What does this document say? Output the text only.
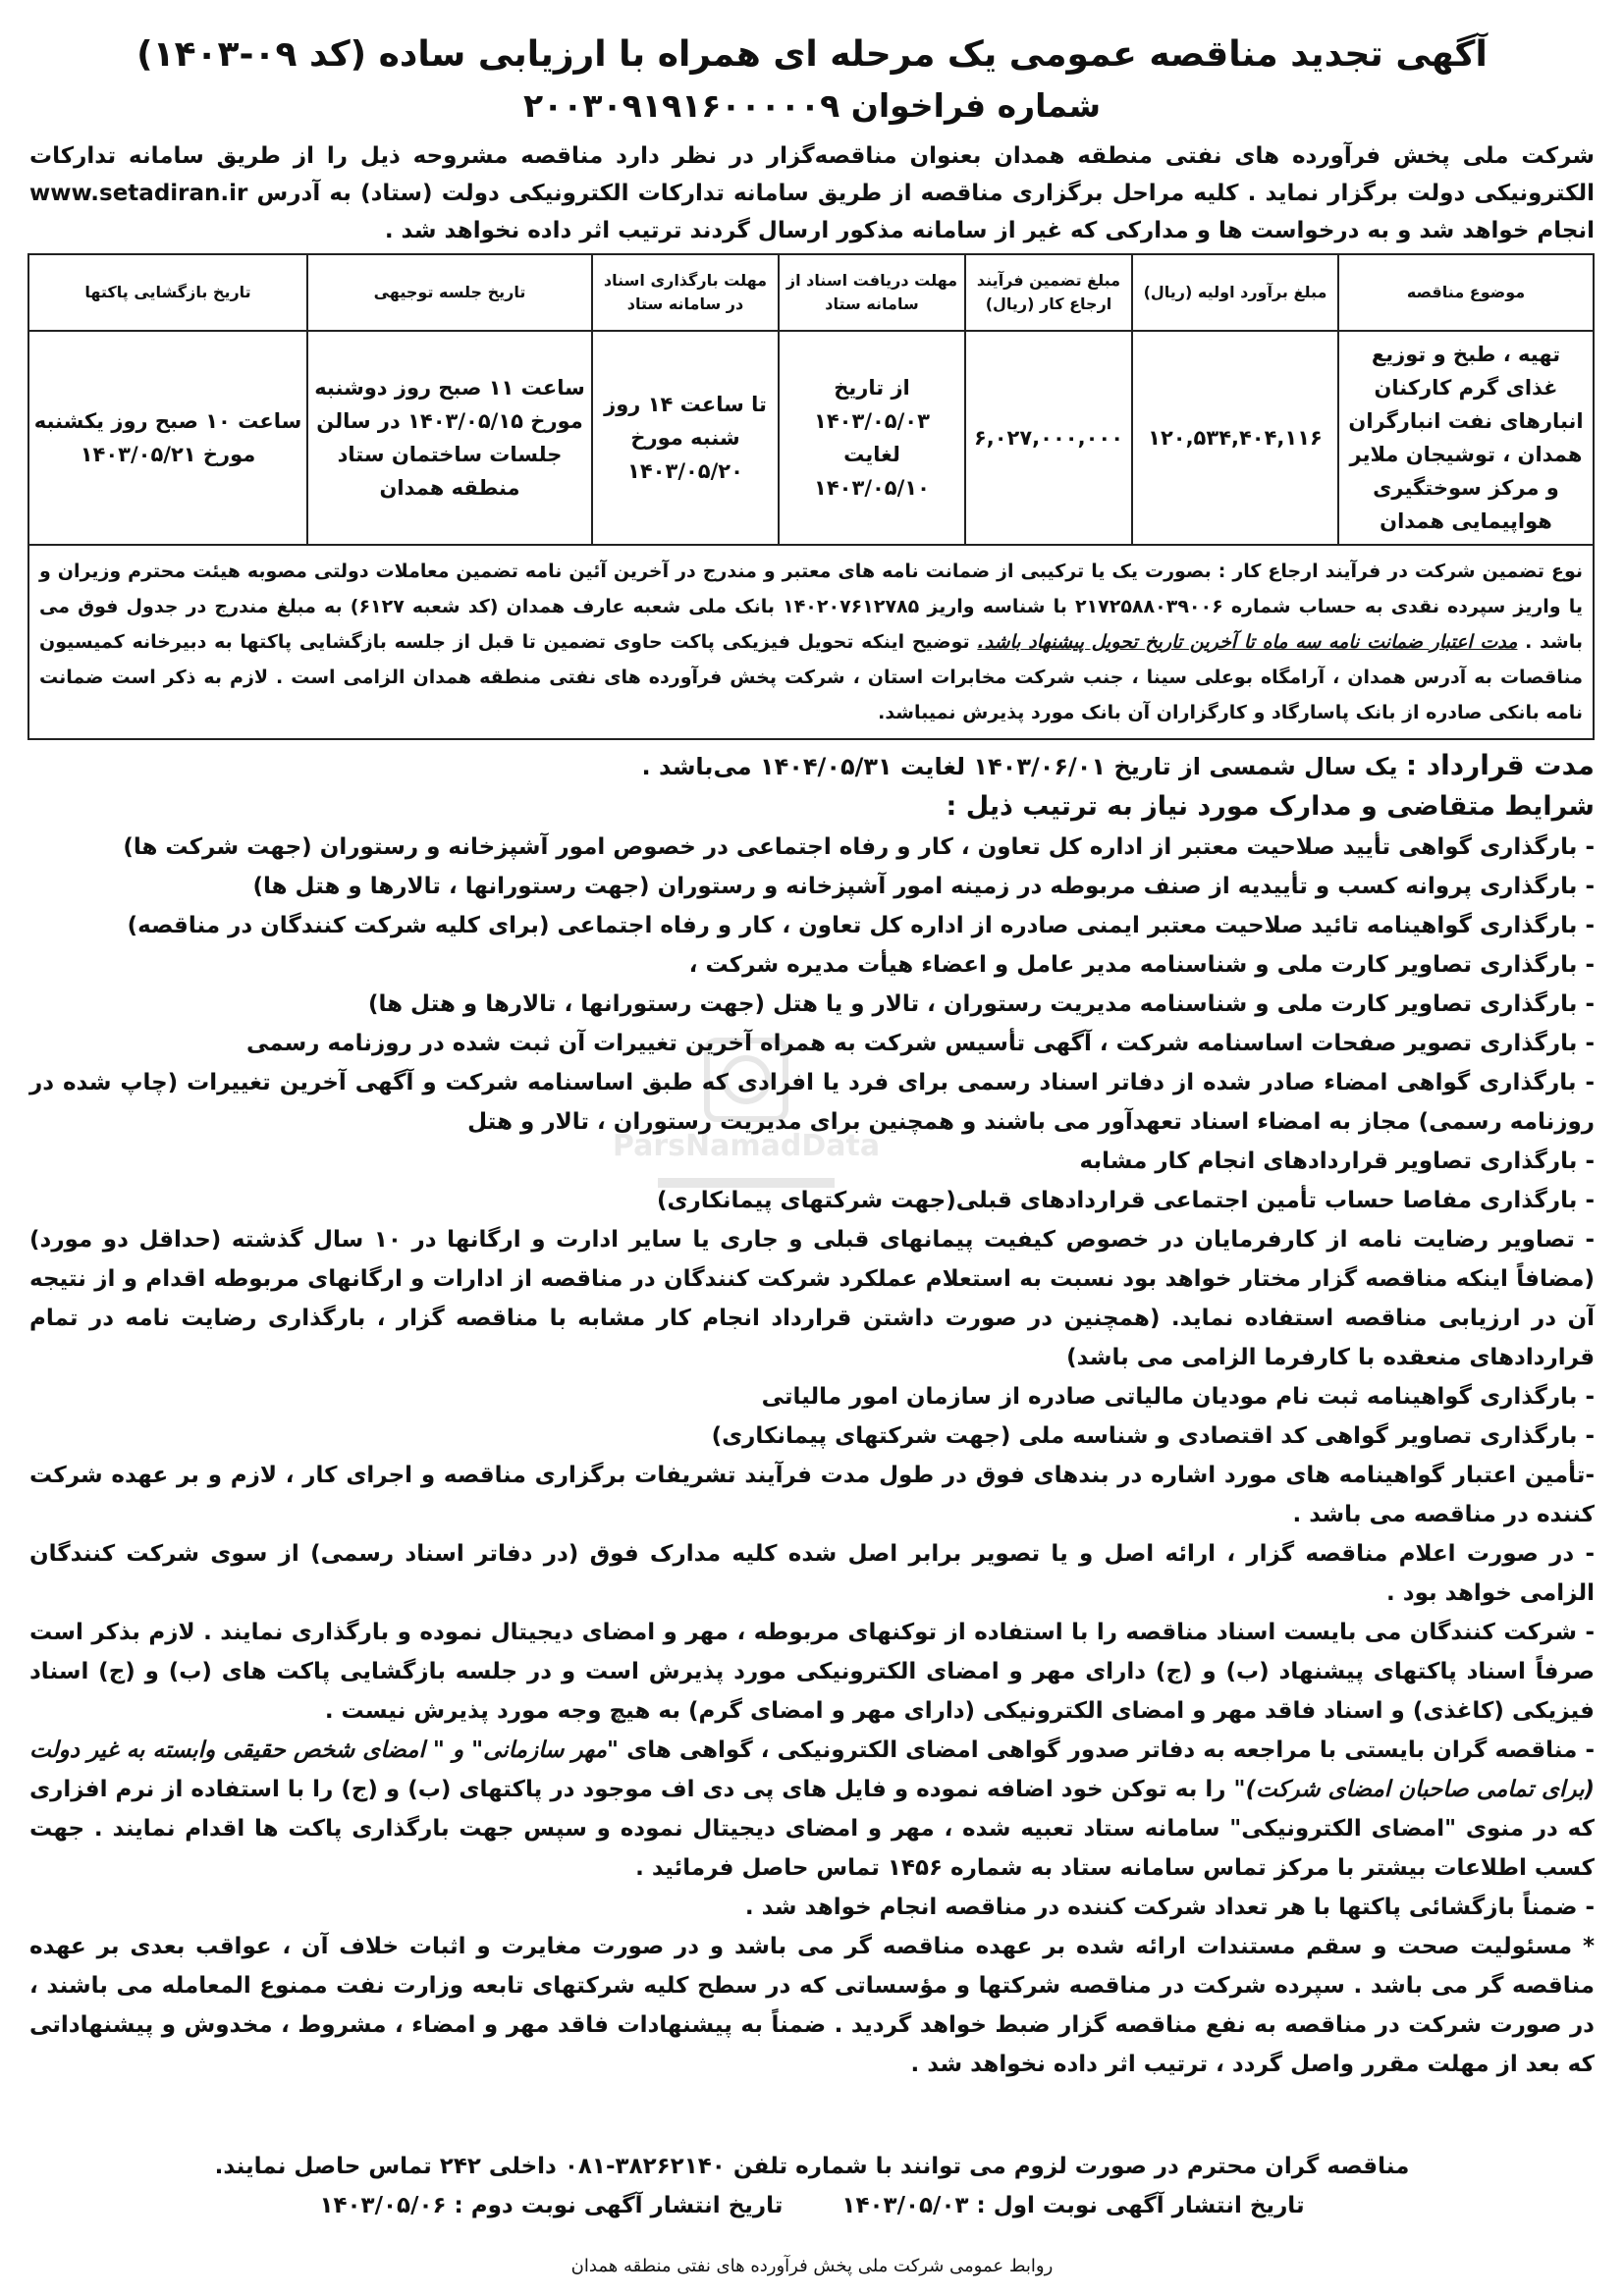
ParsNamadData
آگهی تجدید مناقصه عمومی یک مرحله ای همراه با ارزیابی ساده (کد ۰۹-۱۴۰۳)
شماره فراخوان ۲۰۰۳۰۹۱۹۱۶۰۰۰۰۰۹

شرکت ملی پخش فرآورده های نفتی منطقه همدان بعنوان مناقصه‌گزار در نظر دارد مناقصه مشروحه ذیل را از طریق سامانه تدارکات الکترونیکی دولت برگزار نماید . کلیه مراحل برگزاری مناقصه از طریق سامانه تدارکات الکترونیکی دولت (ستاد) به آدرس www.setadiran.ir انجام خواهد شد و به درخواست ها و مدارکی که غیر از سامانه مذکور ارسال گردند ترتیب اثر داده نخواهد شد .

موضوع مناقصه	مبلغ برآورد اولیه (ریال)	مبلغ تضمین فرآیند ارجاع کار (ریال)	مهلت دریافت اسناد از سامانه ستاد	مهلت بارگذاری اسناد در سامانه ستاد	تاریخ جلسه توجیهی	تاریخ بازگشایی پاکتها
تهیه ، طبخ و توزیع غذای گرم کارکنان انبارهای نفت انبارگران همدان ، توشیجان ملایر و مرکز سوختگیری هواپیمایی همدان	۱۲۰,۵۳۴,۴۰۴,۱۱۶	۶,۰۲۷,۰۰۰,۰۰۰	از تاریخ ۱۴۰۳/۰۵/۰۳ لغایت ۱۴۰۳/۰۵/۱۰	تا ساعت ۱۴ روز شنبه مورخ ۱۴۰۳/۰۵/۲۰	ساعت ۱۱ صبح روز دوشنبه مورخ ۱۴۰۳/۰۵/۱۵ در سالن جلسات ساختمان ستاد منطقه همدان	ساعت ۱۰ صبح روز یکشنبه مورخ ۱۴۰۳/۰۵/۲۱
نوع تضمین شرکت در فرآیند ارجاع کار : بصورت یک یا ترکیبی از ضمانت نامه های معتبر و مندرج در آخرین آئین نامه تضمین معاملات دولتی مصوبه هیئت محترم وزیران و یا واریز سپرده نقدی به حساب شماره ۲۱۷۲۵۸۸۰۳۹۰۰۶ با شناسه واریز ۱۴۰۲۰۷۶۱۲۷۸۵ بانک ملی شعبه عارف همدان (کد شعبه ۶۱۲۷) به مبلغ مندرج در جدول فوق می باشد . مدت اعتبار ضمانت نامه سه ماه تا آخرین تاریخ تحویل پیشنهاد باشد. توضیح اینکه تحویل فیزیکی پاکت حاوی تضمین تا قبل از جلسه بازگشایی پاکتها به دبیرخانه کمیسیون مناقصات به آدرس همدان ، آرامگاه بوعلی سینا ، جنب شرکت مخابرات استان ، شرکت پخش فرآورده های نفتی منطقه همدان الزامی است . لازم به ذکر است ضمانت نامه بانکی صادره از بانک پاسارگاد و کارگزاران آن بانک مورد پذیرش نمیباشد.						

مدت قرارداد : یک سال شمسی از تاریخ ۱۴۰۳/۰۶/۰۱ لغایت ۱۴۰۴/۰۵/۳۱ می‌باشد .

شرایط متقاضی و مدارک مورد نیاز به ترتیب ذیل :

- بارگذاری گواهی تأیید صلاحیت معتبر از اداره کل تعاون ، کار و رفاه اجتماعی در خصوص امور آشپزخانه و رستوران (جهت شرکت ها)

- بارگذاری پروانه کسب و تأییدیه از صنف مربوطه در زمینه امور آشپزخانه و رستوران (جهت رستورانها ، تالارها و هتل ها)

- بارگذاری گواهینامه تائید صلاحیت معتبر ایمنی صادره از اداره کل تعاون ، کار و رفاه اجتماعی (برای کلیه شرکت کنندگان در مناقصه)

- بارگذاری تصاویر کارت ملی و شناسنامه مدیر عامل و اعضاء هیأت مدیره شرکت ،

- بارگذاری تصاویر کارت ملی و شناسنامه مدیریت رستوران ، تالار و یا هتل (جهت رستورانها ، تالارها و هتل ها)

- بارگذاری تصویر صفحات اساسنامه شرکت ، آگهی تأسیس شرکت به همراه آخرین تغییرات آن ثبت شده در روزنامه رسمی

- بارگذاری گواهی امضاء صادر شده از دفاتر اسناد رسمی برای فرد یا افرادی که طبق اساسنامه شرکت و آگهی آخرین تغییرات (چاپ شده در روزنامه رسمی) مجاز به امضاء اسناد تعهدآور می باشند و همچنین برای مدیریت رستوران ، تالار و هتل

- بارگذاری تصاویر قراردادهای انجام کار مشابه

- بارگذاری مفاصا حساب تأمین اجتماعی قراردادهای قبلی(جهت شرکتهای پیمانکاری)

- تصاویر رضایت نامه از کارفرمایان در خصوص کیفیت پیمانهای قبلی و جاری یا سایر ادارت و ارگانها در ۱۰ سال گذشته (حداقل دو مورد) (مضافاً اینکه مناقصه گزار مختار خواهد بود نسبت به استعلام عملکرد شرکت کنندگان در مناقصه از ادارات و ارگانهای مربوطه اقدام و از نتیجه آن در ارزیابی مناقصه استفاده نماید. (همچنین در صورت داشتن قرارداد انجام کار مشابه با مناقصه گزار ، بارگذاری رضایت نامه در تمام قراردادهای منعقده با کارفرما الزامی می باشد)

- بارگذاری گواهینامه ثبت نام مودیان مالیاتی صادره از سازمان امور مالیاتی

- بارگذاری تصاویر گواهی کد اقتصادی و شناسه ملی (جهت شرکتهای پیمانکاری)

-تأمین اعتبار گواهینامه های مورد اشاره در بندهای فوق در طول مدت فرآیند تشریفات برگزاری مناقصه و اجرای کار ، لازم و بر عهده شرکت کننده در مناقصه می باشد .

- در صورت اعلام مناقصه گزار ، ارائه اصل و یا تصویر برابر اصل شده کلیه مدارک فوق (در دفاتر اسناد رسمی) از سوی شرکت کنندگان الزامی خواهد بود .

- شرکت کنندگان می بایست اسناد مناقصه را با استفاده از توکنهای مربوطه ، مهر و امضای دیجیتال نموده و بارگذاری نمایند . لازم بذکر است صرفاً اسناد پاکتهای پیشنهاد (ب) و (ج) دارای مهر و امضای الکترونیکی مورد پذیرش است و در جلسه بازگشایی پاکت های (ب) و (ج) اسناد فیزیکی (کاغذی) و اسناد فاقد مهر و امضای الکترونیکی (دارای مهر و امضای گرم) به هیچ وجه مورد پذیرش نیست .

- مناقصه گران بایستی با مراجعه به دفاتر صدور گواهی امضای الکترونیکی ، گواهی های "مهر سازمانی" و " امضای شخص حقیقی وابسته به غیر دولت (برای تمامی صاحبان امضای شرکت)" را به توکن خود اضافه نموده و فایل های پی دی اف موجود در پاکتهای (ب) و (ج) را با استفاده از نرم افزاری که در منوی "امضای الکترونیکی" سامانه ستاد تعبیه شده ، مهر و امضای دیجیتال نموده و سپس جهت بارگذاری پاکت ها اقدام نمایند . جهت کسب اطلاعات بیشتر با مرکز تماس سامانه ستاد به شماره ۱۴۵۶ تماس حاصل فرمائید .

- ضمناً بازگشائی پاکتها با هر تعداد شرکت کننده در مناقصه انجام خواهد شد .

* مسئولیت صحت و سقم مستندات ارائه شده بر عهده مناقصه گر می باشد و در صورت مغایرت و اثبات خلاف آن ، عواقب بعدی بر عهده مناقصه گر می باشد . سپرده شرکت در مناقصه شرکتها و مؤسساتی که در سطح کلیه شرکتهای تابعه وزارت نفت ممنوع المعامله می باشند ، در صورت شرکت در مناقصه به نفع مناقصه گزار ضبط خواهد گردید . ضمناً به پیشنهادات فاقد مهر و امضاء ، مشروط ، مخدوش و پیشنهاداتی که بعد از مهلت مقرر واصل گردد ، ترتیب اثر داده نخواهد شد .

مناقصه گران محترم در صورت لزوم می توانند با شماره تلفن ۳۸۲۶۲۱۴۰-۰۸۱ داخلی ۲۴۲ تماس حاصل نمایند.

تاریخ انتشار آگهی نوبت اول : ۱۴۰۳/۰۵/۰۳
تاریخ انتشار آگهی نوبت دوم : ۱۴۰۳/۰۵/۰۶
روابط عمومی شرکت ملی پخش فرآورده های نفتی منطقه همدان
